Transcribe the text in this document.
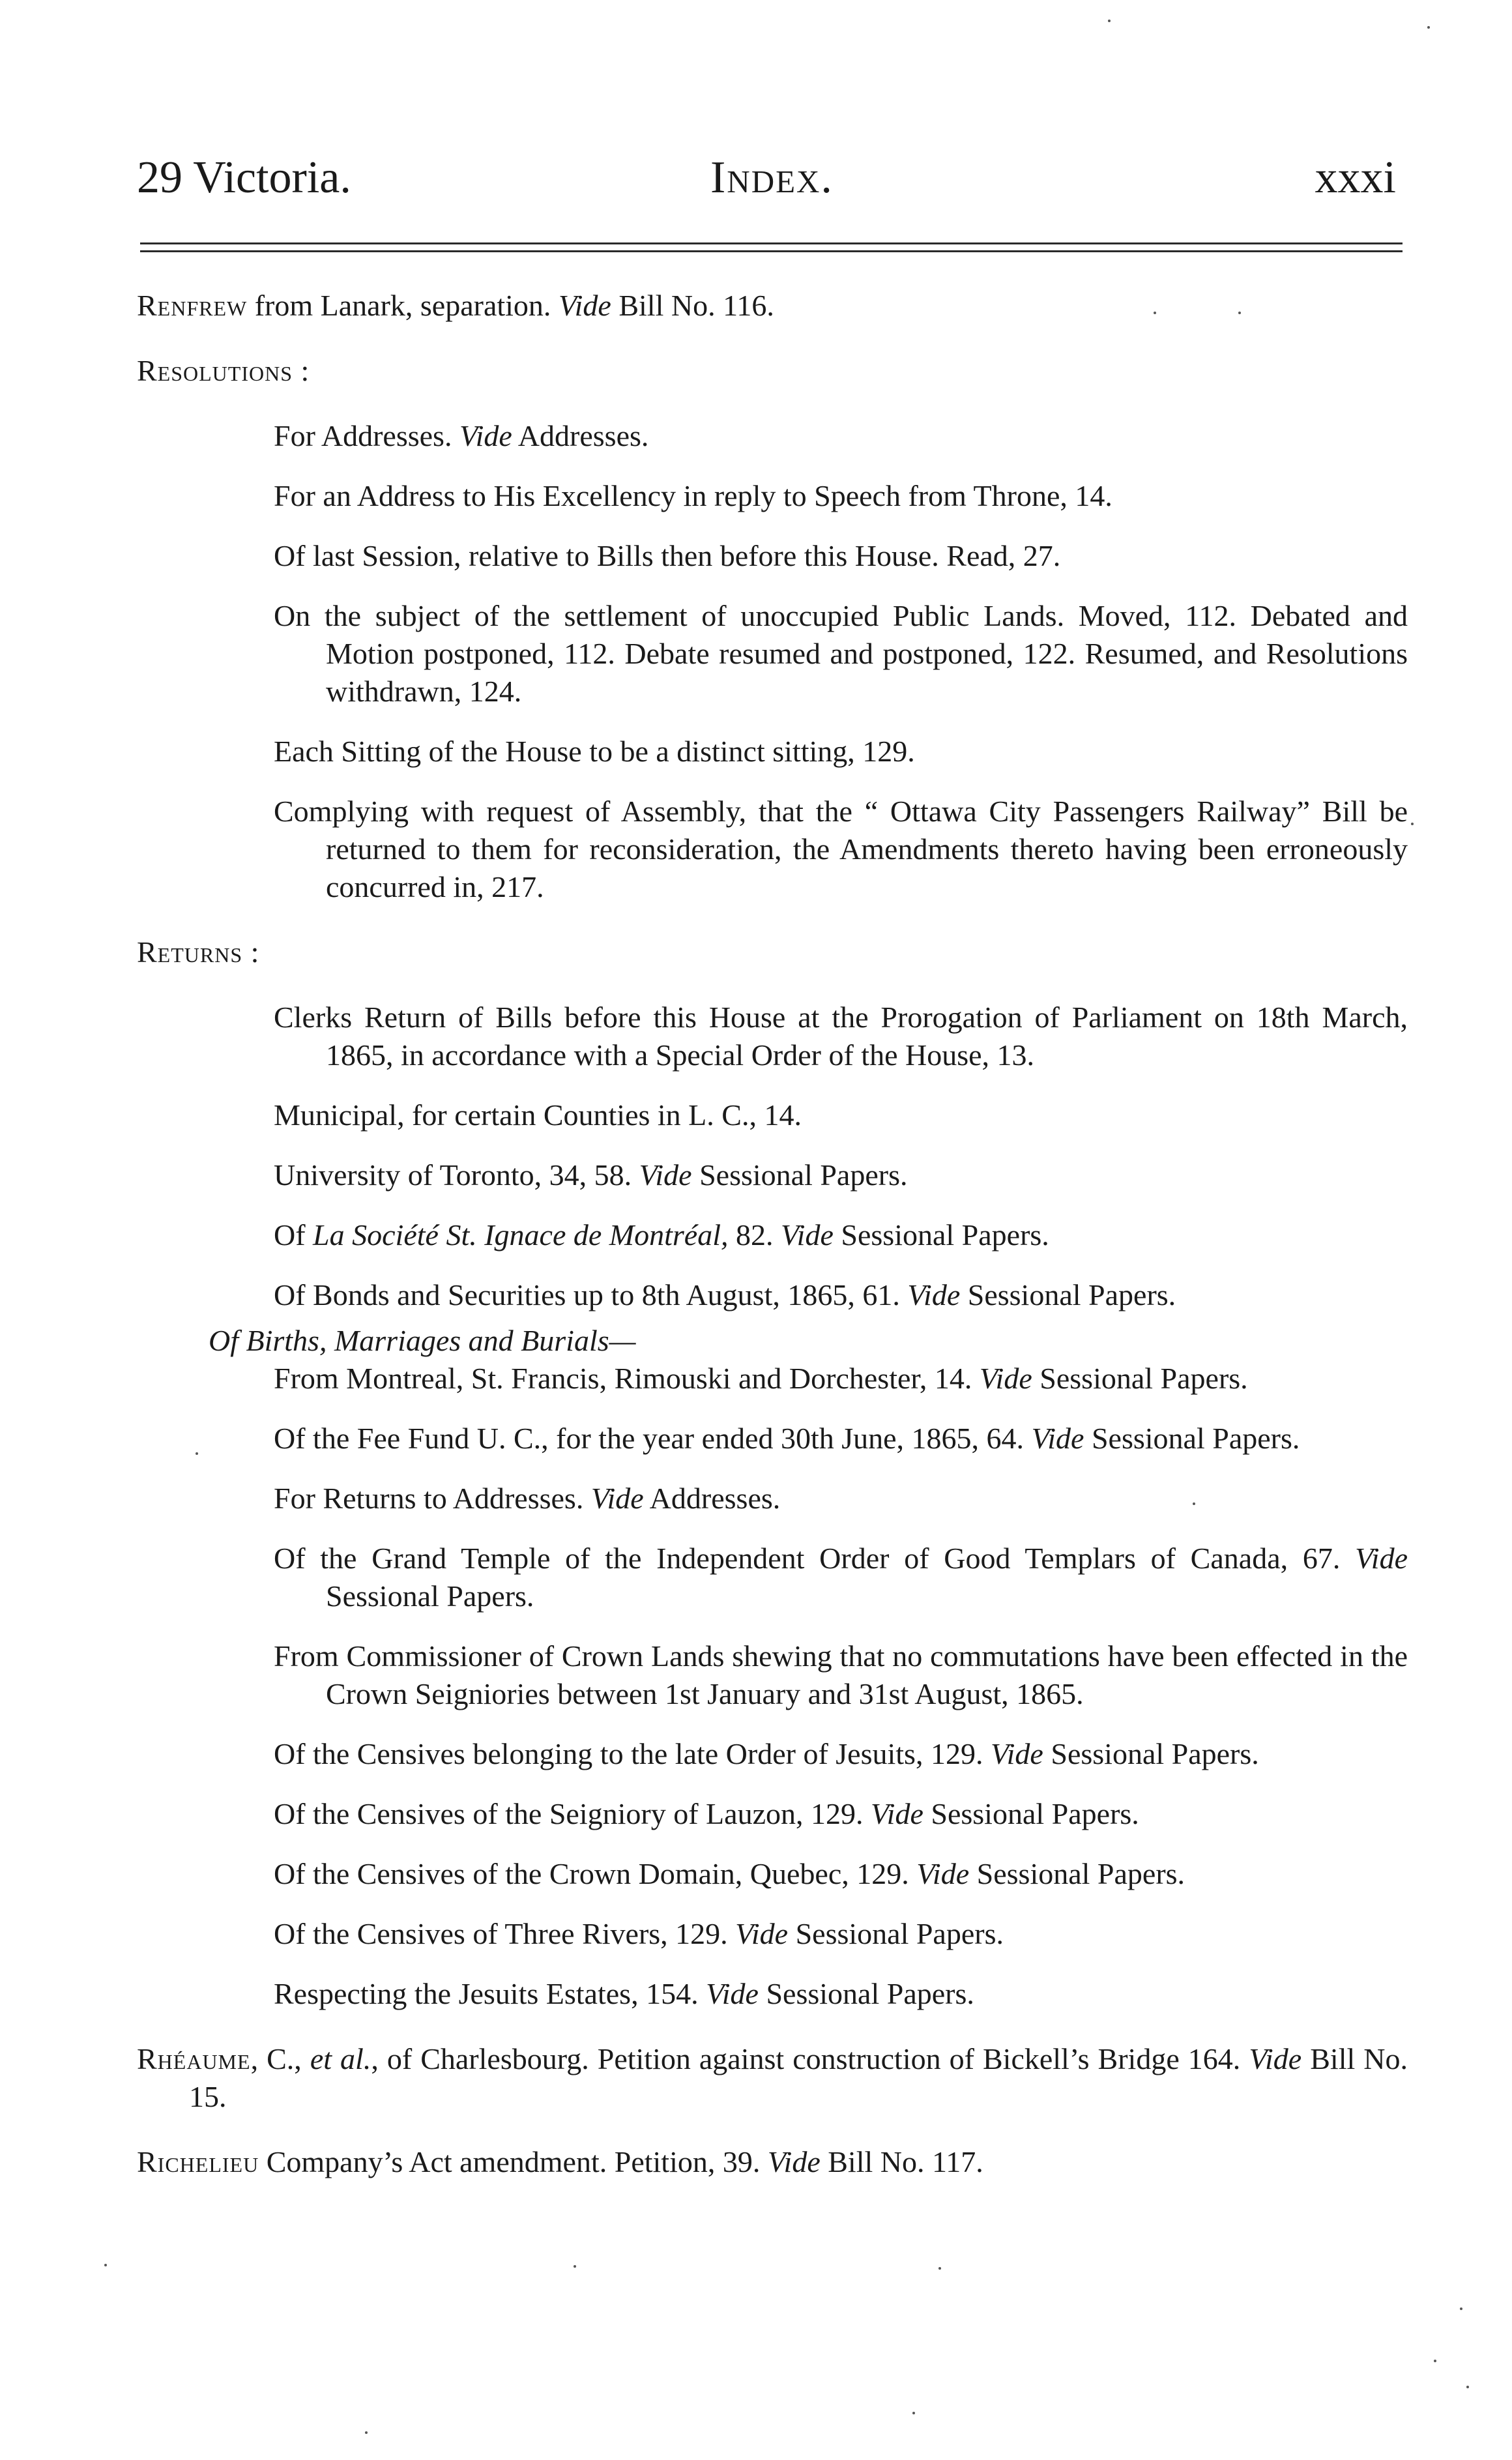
29 Victoria.	Index.	xxxi

Renfrew from Lanark, separation. Vide Bill No. 116.

Resolutions :

For Addresses. Vide Addresses.

For an Address to His Excellency in reply to Speech from Throne, 14.

Of last Session, relative to Bills then before this House. Read, 27.

On the subject of the settlement of unoccupied Public Lands. Moved, 112. Debated and Motion postponed, 112. Debate resumed and postponed, 122. Resumed, and Resolutions withdrawn, 124.

Each Sitting of the House to be a distinct sitting, 129.

Complying with request of Assembly, that the “ Ottawa City Passengers Railway” Bill be returned to them for reconsideration, the Amendments thereto having been erroneously concurred in, 217.

Returns :

Clerks Return of Bills before this House at the Prorogation of Parliament on 18th March, 1865, in accordance with a Special Order of the House, 13.

Municipal, for certain Counties in L. C., 14.

University of Toronto, 34, 58. Vide Sessional Papers.

Of La Société St. Ignace de Montréal, 82. Vide Sessional Papers.

Of Bonds and Securities up to 8th August, 1865, 61. Vide Sessional Papers.

Of Births, Marriages and Burials—

From Montreal, St. Francis, Rimouski and Dorchester, 14. Vide Sessional Papers.

Of the Fee Fund U. C., for the year ended 30th June, 1865, 64. Vide Sessional Papers.

For Returns to Addresses. Vide Addresses.

Of the Grand Temple of the Independent Order of Good Templars of Canada, 67. Vide Sessional Papers.

From Commissioner of Crown Lands shewing that no commutations have been effected in the Crown Seigniories between 1st January and 31st August, 1865.

Of the Censives belonging to the late Order of Jesuits, 129. Vide Sessional Papers.

Of the Censives of the Seigniory of Lauzon, 129. Vide Sessional Papers.

Of the Censives of the Crown Domain, Quebec, 129. Vide Sessional Papers.

Of the Censives of Three Rivers, 129. Vide Sessional Papers.

Respecting the Jesuits Estates, 154. Vide Sessional Papers.

Rhéaume, C., et al., of Charlesbourg. Petition against construction of Bickell’s Bridge 164. Vide Bill No. 15.

Richelieu Company’s Act amendment. Petition, 39. Vide Bill No. 117.
